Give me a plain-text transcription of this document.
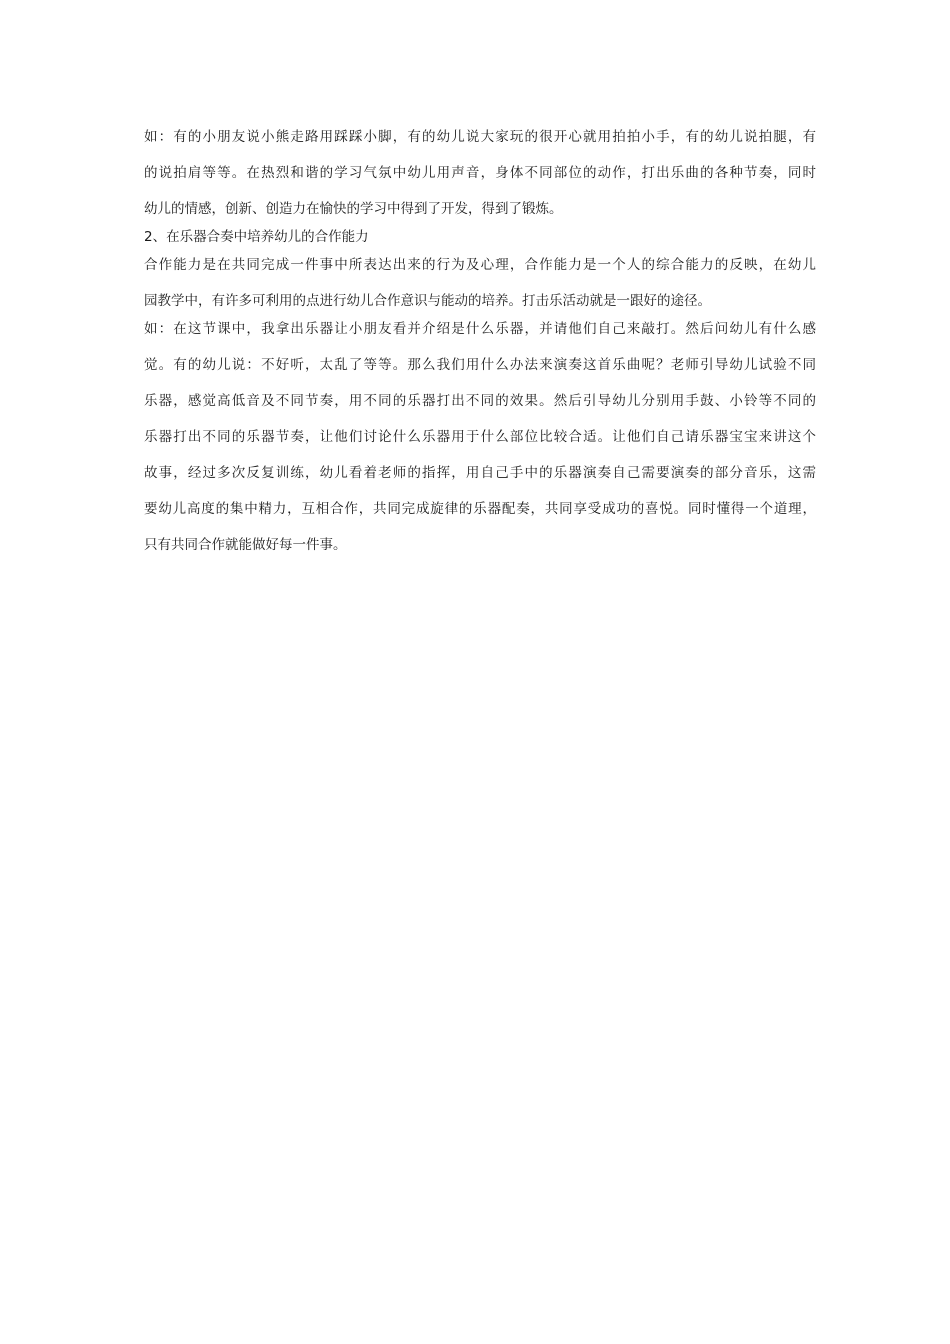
如：有的小朋友说小熊走路用踩踩小脚，有的幼儿说大家玩的很开心就用拍拍小手，有的幼儿说拍腿，有
的说拍肩等等。在热烈和谐的学习气氛中幼儿用声音，身体不同部位的动作，打出乐曲的各种节奏，同时
幼儿的情感，创新、创造力在愉快的学习中得到了开发，得到了锻炼。
2、在乐器合奏中培养幼儿的合作能力
合作能力是在共同完成一件事中所表达出来的行为及心理，合作能力是一个人的综合能力的反映，在幼儿
园教学中，有许多可利用的点进行幼儿合作意识与能动的培养。打击乐活动就是一跟好的途径。
如：在这节课中，我拿出乐器让小朋友看并介绍是什么乐器，并请他们自己来敲打。然后问幼儿有什么感
觉。有的幼儿说：不好听，太乱了等等。那么我们用什么办法来演奏这首乐曲呢？老师引导幼儿试验不同
乐器，感觉高低音及不同节奏，用不同的乐器打出不同的效果。然后引导幼儿分别用手鼓、小铃等不同的
乐器打出不同的乐器节奏，让他们讨论什么乐器用于什么部位比较合适。让他们自己请乐器宝宝来讲这个
故事，经过多次反复训练，幼儿看着老师的指挥，用自己手中的乐器演奏自己需要演奏的部分音乐，这需
要幼儿高度的集中精力，互相合作，共同完成旋律的乐器配奏，共同享受成功的喜悦。同时懂得一个道理，
只有共同合作就能做好每一件事。
